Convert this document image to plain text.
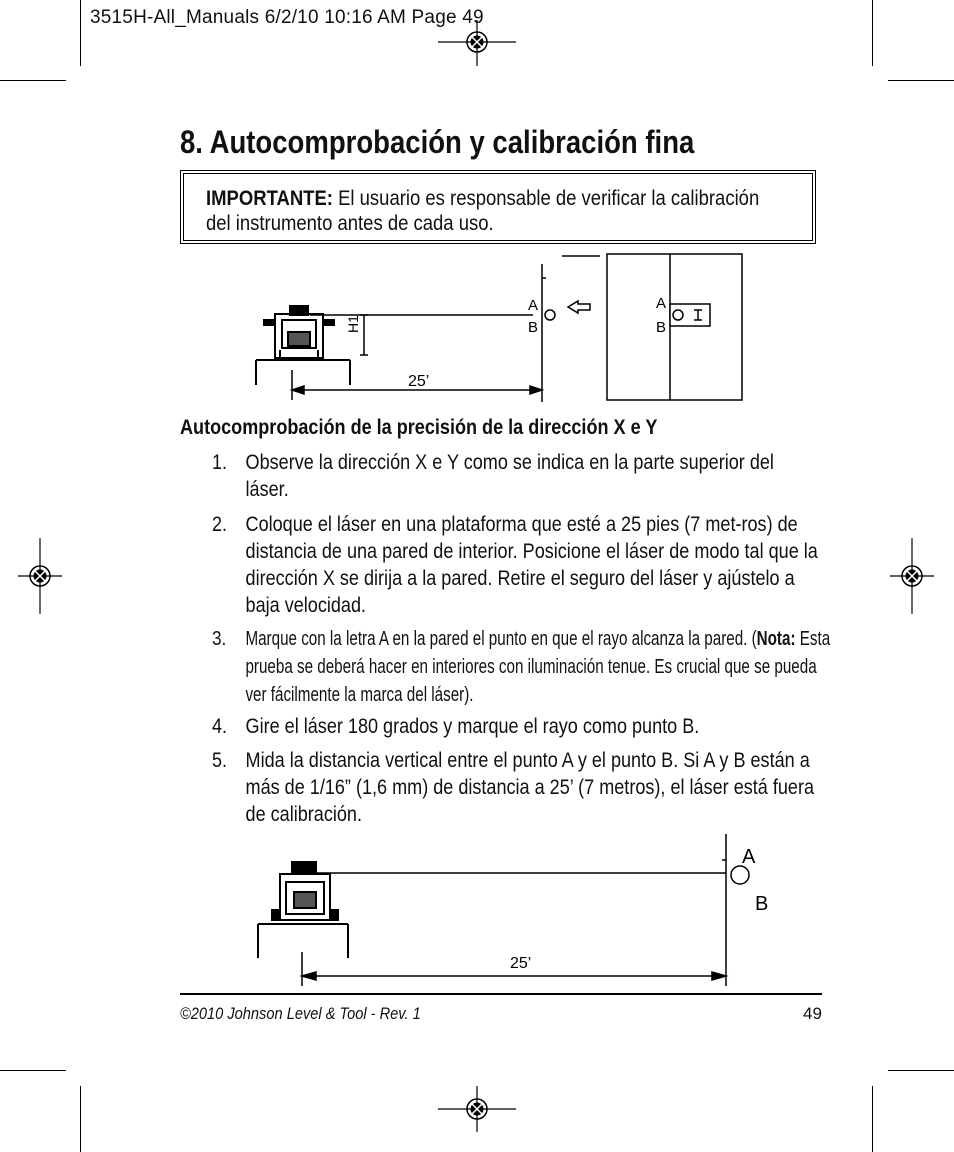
3515H-All_Manuals 6/2/10 10:16 AM Page 49
8. Autocomprobación y calibración fina
IMPORTANTE: El usuario es responsable de verificar la calibración del instrumento antes de cada uso.
H1
25’
A
B
A
B
Autocomprobación de la precisión de la dirección X e Y
1. Observe la dirección X e Y como se indica en la parte superior del láser.
2. Coloque el láser en una plataforma que esté a 25 pies (7 met-ros) de distancia de una pared de interior. Posicione el láser de modo tal que la dirección X se dirija a la pared. Retire el seguro del láser y ajústelo a baja velocidad.
3. Marque con la letra A en la pared el punto en que el rayo alcanza la pared. (Nota: Esta prueba se deberá hacer en interiores con iluminación tenue. Es crucial que se pueda ver fácilmente la marca del láser).
4. Gire el láser 180 grados y marque el rayo como punto B.
5. Mida la distancia vertical entre el punto A y el punto B. Si A y B están a más de 1/16” (1,6 mm) de distancia a 25’ (7 metros), el láser está fuera de calibración.
25’
A
B
©2010 Johnson Level & Tool - Rev. 1	49
